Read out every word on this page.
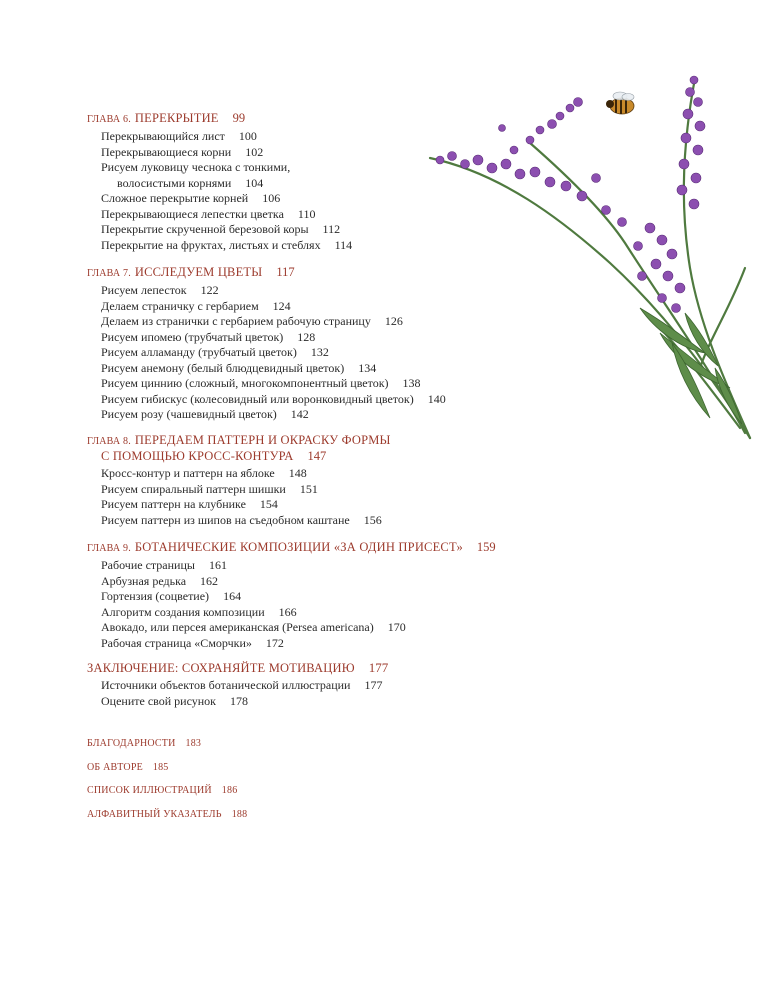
ГЛАВА 6. ПЕРЕКРЫТИЕ 99
Перекрывающийся лист 100
Перекрывающиеся корни 102
Рисуем луковицу чеснока с тонкими,
волосистыми корнями 104
Сложное перекрытие корней 106
Перекрывающиеся лепестки цветка 110
Перекрытие скрученной березовой коры 112
Перекрытие на фруктах, листьях и стеблях 114
ГЛАВА 7. ИССЛЕДУЕМ ЦВЕТЫ 117
Рисуем лепесток 122
Делаем страничку с гербарием 124
Делаем из странички с гербарием рабочую страницу 126
Рисуем ипомею (трубчатый цветок) 128
Рисуем алламанду (трубчатый цветок) 132
Рисуем анемону (белый блюдцевидный цветок) 134
Рисуем циннию (сложный, многокомпонентный цветок) 138
Рисуем гибискус (колесовидный или воронковидный цветок) 140
Рисуем розу (чашевидный цветок) 142
ГЛАВА 8. ПЕРЕДАЕМ ПАТТЕРН И ОКРАСКУ ФОРМЫ
С ПОМОЩЬЮ КРОСС-КОНТУРА 147
Кросс-контур и паттерн на яблоке 148
Рисуем спиральный паттерн шишки 151
Рисуем паттерн на клубнике 154
Рисуем паттерн из шипов на съедобном каштане 156
ГЛАВА 9. БОТАНИЧЕСКИЕ КОМПОЗИЦИИ «ЗА ОДИН ПРИСЕСТ» 159
Рабочие страницы 161
Арбузная редька 162
Гортензия (соцветие) 164
Алгоритм создания композиции 166
Авокадо, или персея американская (Persea americana) 170
Рабочая страница «Сморчки» 172
ЗАКЛЮЧЕНИЕ: СОХРАНЯЙТЕ МОТИВАЦИЮ 177
Источники объектов ботанической иллюстрации 177
Оцените свой рисунок 178
БЛАГОДАРНОСТИ 183
ОБ АВТОРЕ 185
СПИСОК ИЛЛЮСТРАЦИЙ 186
АЛФАВИТНЫЙ УКАЗАТЕЛЬ 188
